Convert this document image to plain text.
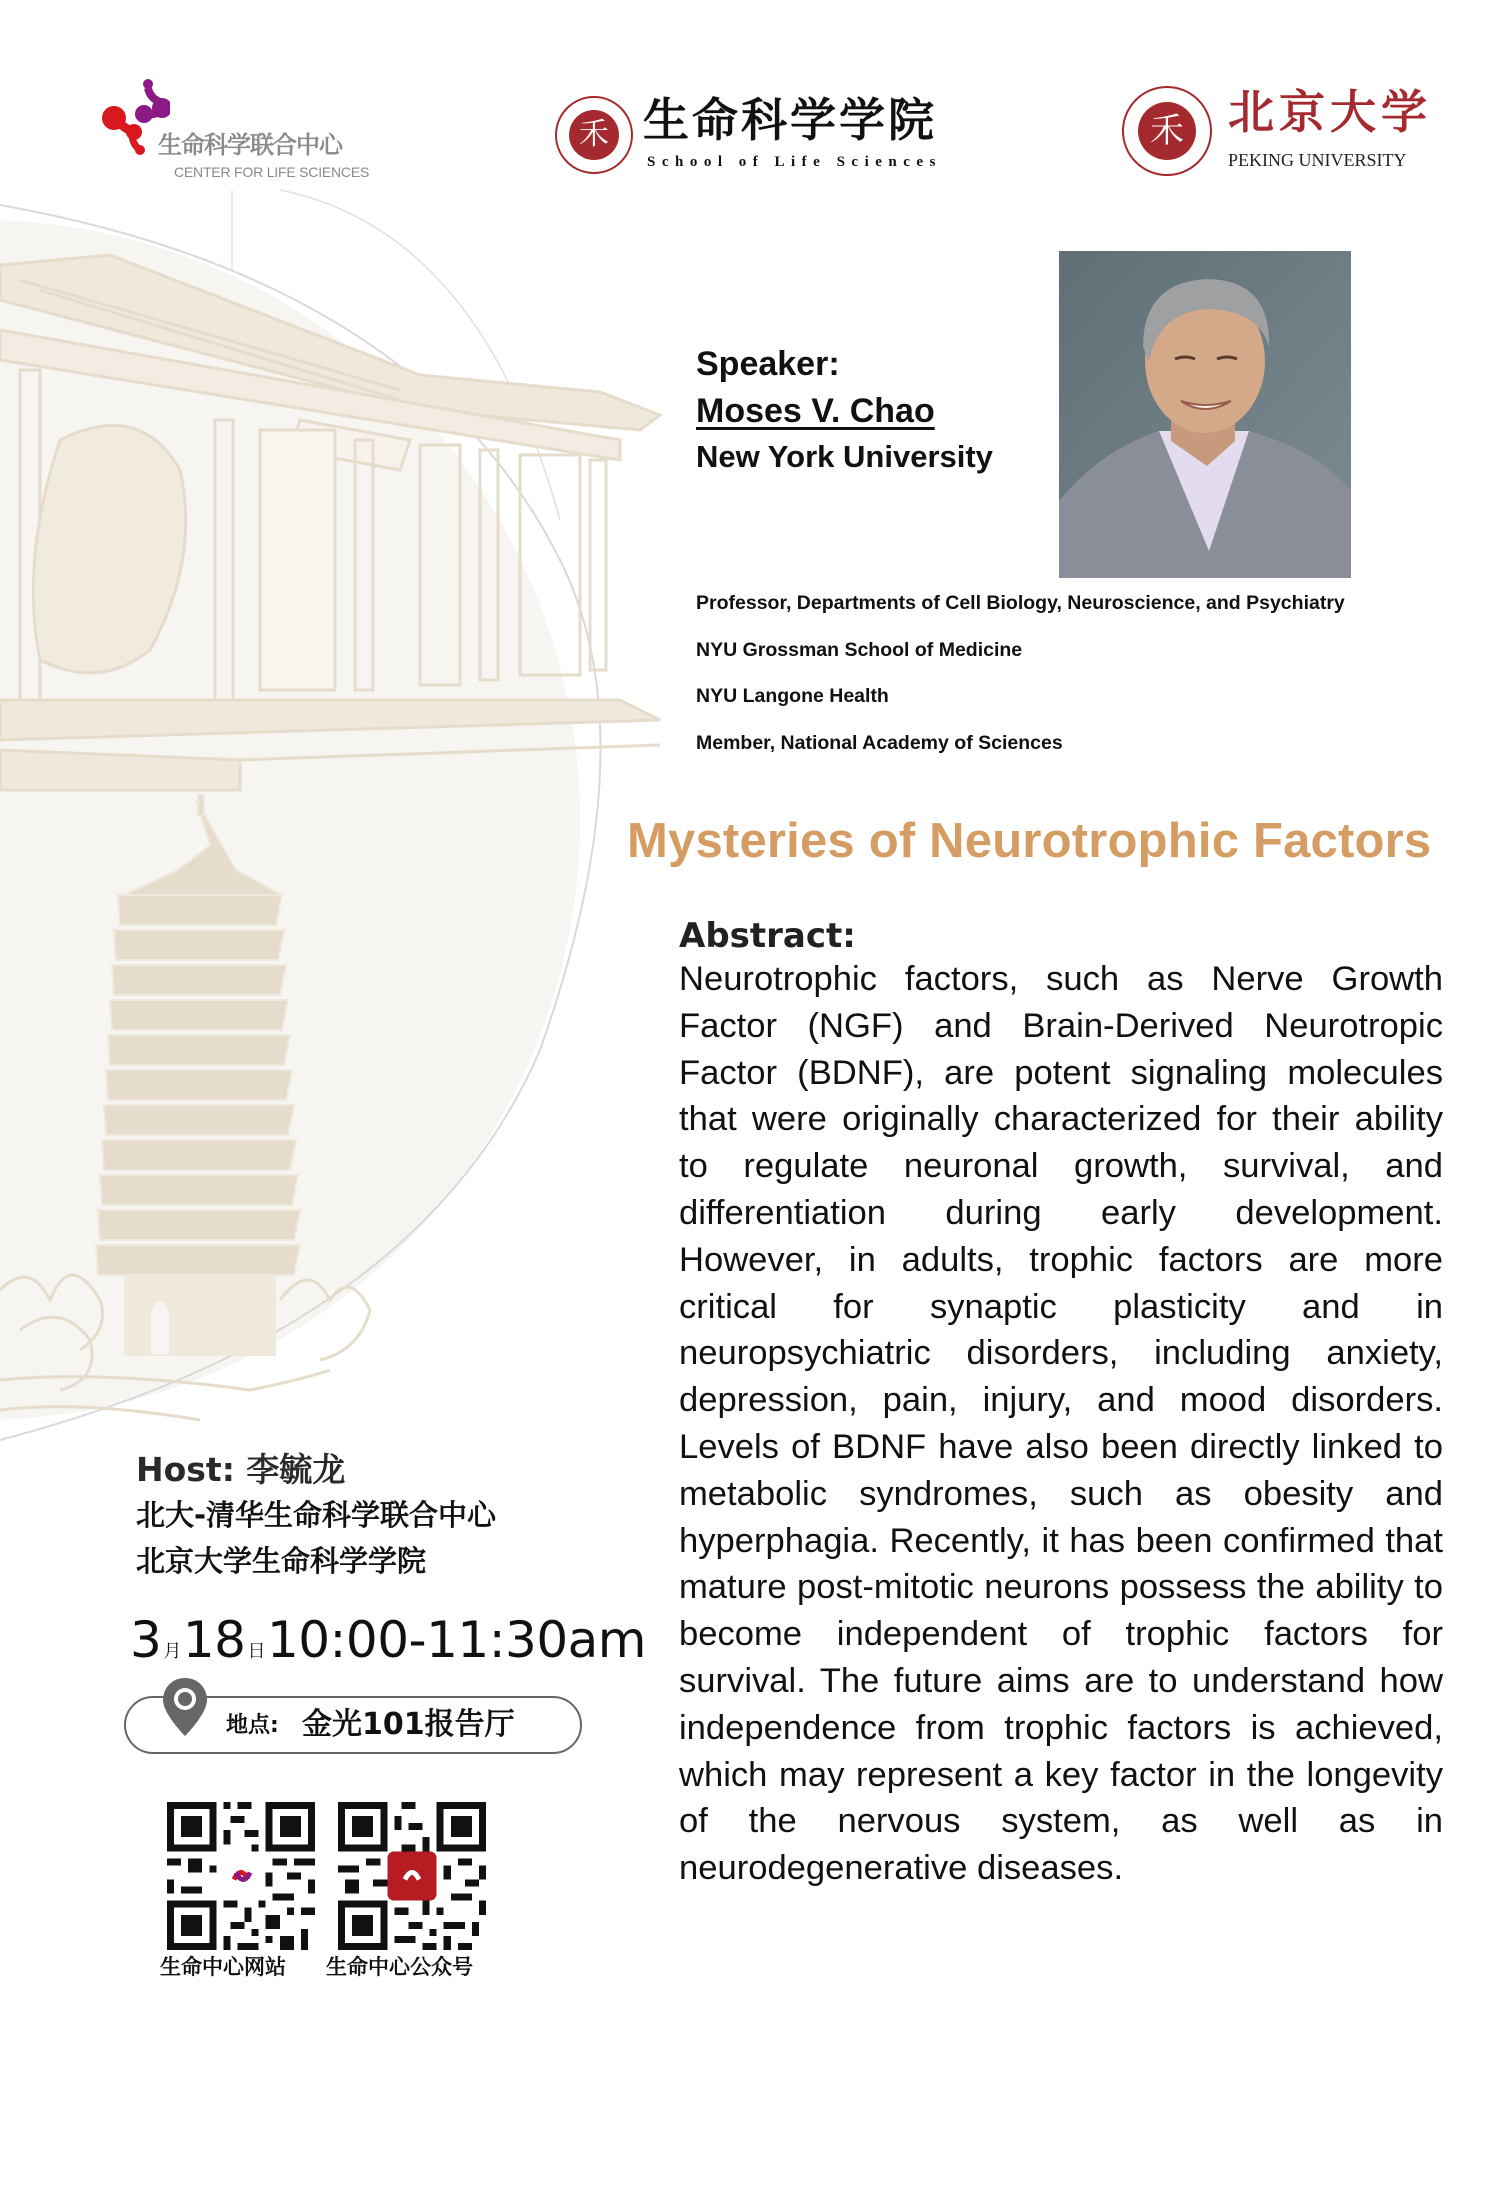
生命科学联合中心
CENTER FOR LIFE SCIENCES
⽲ 生命科学学院
School of Life Sciences
⽲ 北京大学
PEKING UNIVERSITY
Speaker:
Moses V. Chao
New York University
Professor, Departments of Cell Biology, Neuroscience, and Psychiatry
NYU Grossman School of Medicine
NYU Langone Health
Member, National Academy of Sciences
Mysteries of Neurotrophic Factors
Abstract:
Neurotrophic factors, such as Nerve Growth Factor (NGF) and Brain-Derived Neurotropic Factor (BDNF), are potent signaling molecules that were originally characterized for their ability to regulate neuronal growth, survival, and differentiation during early development. However, in adults, trophic factors are more critical for synaptic plasticity and in neuropsychiatric disorders, including anxiety, depression, pain, injury, and mood disorders. Levels of BDNF have also been directly linked to metabolic syndromes, such as obesity and hyperphagia. Recently, it has been confirmed that mature post-mitotic neurons possess the ability to become independent of trophic factors for survival. The future aims are to understand how independence from trophic factors is achieved, which may represent a key factor in the longevity of the nervous system, as well as in neurodegenerative diseases.
Host: 李毓龙
北大-清华生命科学联合中心
北京大学生命科学学院
3 月18 日10:00-11:30am
地点: 金光101报告厅
生命中心网站 生命中心公众号
